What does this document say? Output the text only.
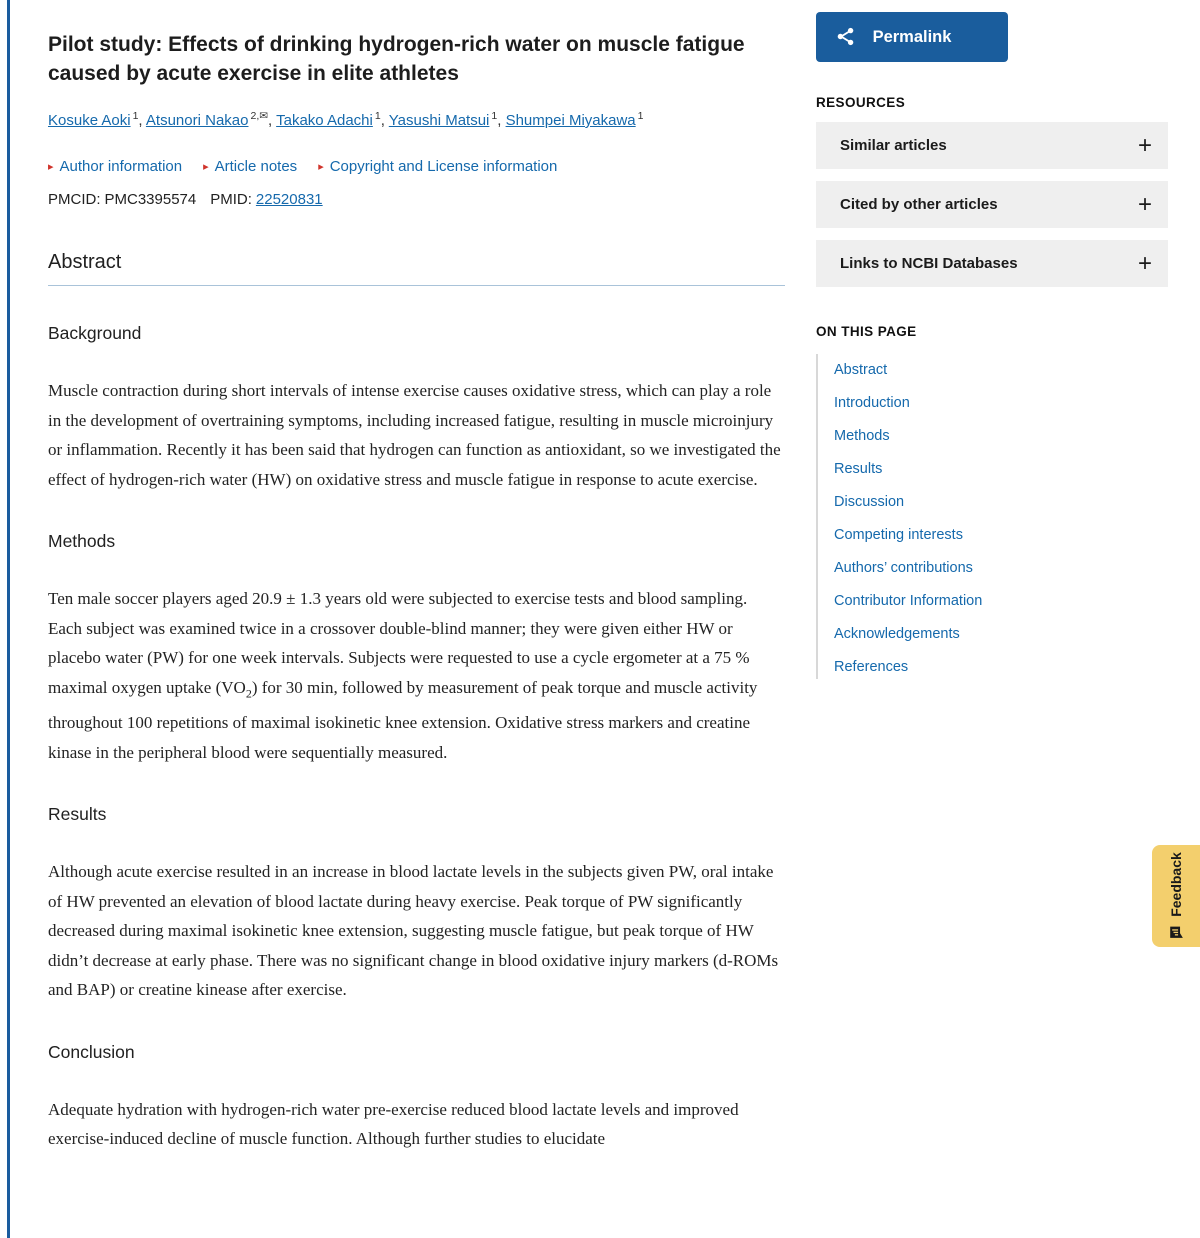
Pilot study: Effects of drinking hydrogen-rich water on muscle fatigue caused by acute exercise in elite athletes
Kosuke Aoki $^1$, Atsunori Nakao $^{2,✉}$, Takako Adachi $^1$, Yasushi Matsui $^1$, Shumpei Miyakawa $^1$
▸ Author information ▸ Article notes ▸ Copyright and License information
PMCID: PMC3395574 PMID: 22520831
Abstract
Background

Muscle contraction during short intervals of intense exercise causes oxidative stress, which can play a role in the development of overtraining symptoms, including increased fatigue, resulting in muscle microinjury or inflammation. Recently it has been said that hydrogen can function as antioxidant, so we investigated the effect of hydrogen-rich water (HW) on oxidative stress and muscle fatigue in response to acute exercise.

Methods

Ten male soccer players aged 20.9 ± 1.3 years old were subjected to exercise tests and blood sampling. Each subject was examined twice in a crossover double-blind manner; they were given either HW or placebo water (PW) for one week intervals. Subjects were requested to use a cycle ergometer at a 75 % maximal oxygen uptake $(VO_2)$ for 30 min, followed by measurement of peak torque and muscle activity throughout 100 repetitions of maximal isokinetic knee extension. Oxidative stress markers and creatine kinase in the peripheral blood were sequentially measured.

Results

Although acute exercise resulted in an increase in blood lactate levels in the subjects given PW, oral intake of HW prevented an elevation of blood lactate during heavy exercise. Peak torque of PW significantly decreased during maximal isokinetic knee extension, suggesting muscle fatigue, but peak torque of HW didn’t decrease at early phase. There was no significant change in blood oxidative injury markers (d-ROMs and BAP) or creatine kinease after exercise.

Conclusion

Adequate hydration with hydrogen-rich water pre-exercise reduced blood lactate levels and improved exercise-induced decline of muscle function. Although further studies to elucidate

Permalink
RESOURCES
Similar articles	+
Cited by other articles	+
Links to NCBI Databases	+
ON THIS PAGE
Abstract
Introduction
Methods
Results
Discussion
Competing interests
Authors’ contributions
Contributor Information
Acknowledgements
References
Feedback
